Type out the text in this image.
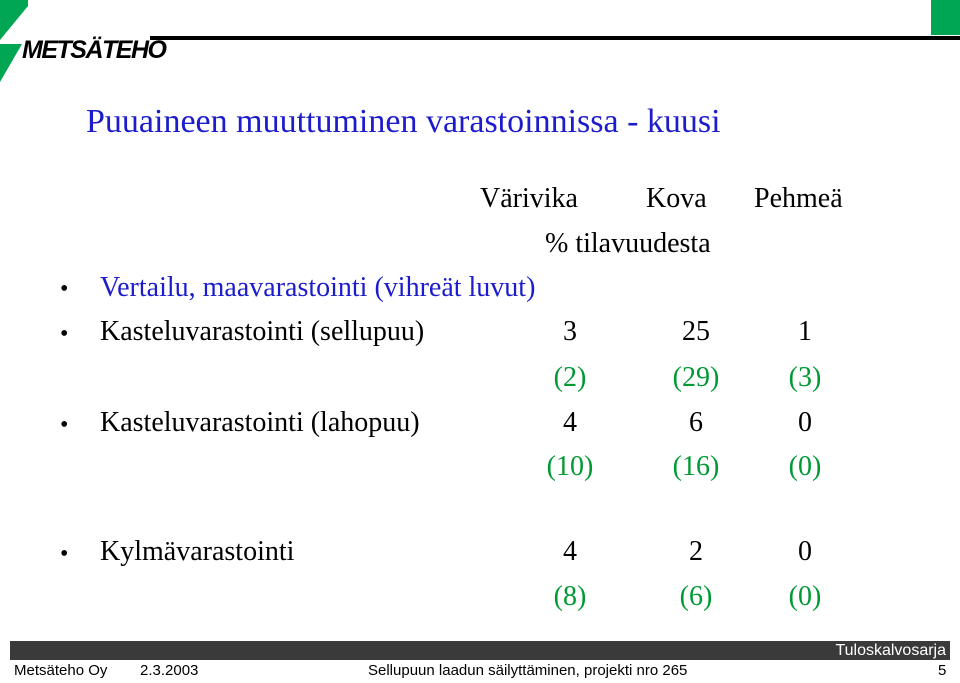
METSÄTEHO
Puuaineen muuttuminen varastoinnissa - kuusi
Värivika Kova Pehmeä
% tilavuudesta
• Vertailu, maavarastointi (vihreät luvut)
• Kasteluvarastointi (sellupuu)	3	25	1
(2)	(29)	(3)
• Kasteluvarastointi (lahopuu)	4	6	0
(10)	(16)	(0)
• Kylmävarastointi	4	2	0
(8)	(6)	(0)
Tuloskalvosarja
Metsäteho Oy 2.3.2003	Sellupuun laadun säilyttäminen, projekti nro 265	5
